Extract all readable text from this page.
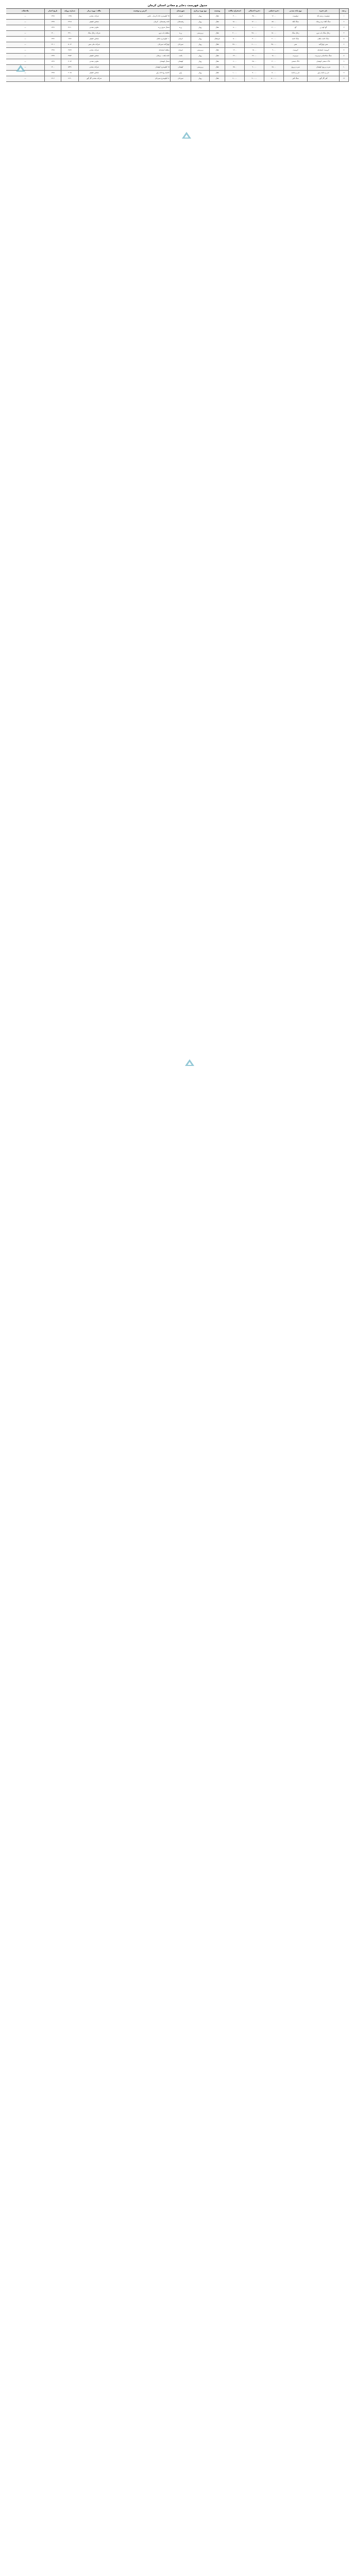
جدول فهرست ذخایر و معادن استان کرمان
ردیف	نام ذخیره	نوع ماده معدنی	ذخیره قطعی	ذخیره احتمالی	استخراج سالانه	وضعیت	نوع بهره برداری	شهرستان	آدرس و موقعیت	مالک / بهره بردار	شماره پروانه	تاریخ اعتبار	ملاحظات
۱	دولومیت رستم آباد	دولومیت	۱۲۰۰۰	۳۵۰۰۰	۳۰۰۰	فعال	روباز	کرمان	۲۵ کیلومتری جاده کرمان - باغین	شرکت معدنی	۱۲۴۵	۱۳۹۸	—
۲	سنگ آهک دره زرشک	سنگ آهک	۸۵۰۰۰	۱۲۰۰۰۰	۱۵۰۰۰	فعال	روباز	رفسنجان	جاده رفسنجان - کرمان	شخص حقیقی	۲۳۱۸	۱۳۹۷	—
۳	گچ کوه زر	گچ	۴۰۰۰۰	۶۰۰۰۰	۸۰۰۰	فعال	روباز	زرند	شمال شرق زرند	تعاونی معدنی	۳۱۲۰	۱۳۹۹	—
۴	زغال سنگ باب نیزو	زغال سنگ	۱۵۰۰۰۰	۲۵۰۰۰۰	۴۰۰۰۰	فعال	زیرزمینی	زرند	منطقه باب نیزو	شرکت زغال سنگ	۴۴۱۰	۱۴۰۰	—
۵	سنگ لاشه ماهان	سنگ لاشه	۲۰۰۰۰	۳۰۰۰۰	۵۰۰۰	غیرفعال	روباز	کرمان	۱۰ کیلومتری ماهان	شخص حقیقی	۱۸۷۶	۱۳۹۶	—
۶	مس چهارگنبد	مس	۳۵۰۰۰۰	۶۰۰۰۰۰	۲۵۰۰۰	فعال	روباز	سیرجان	چهارگنبد سیرجان	شرکت ملی مس	۵۰۱۲	۱۴۰۱	—
۷	کرومیت اسفندقه	کرومیت	۹۰۰۰	۱۵۰۰۰	۱۲۰۰	فعال	زیرزمینی	جیرفت	منطقه اسفندقه	شرکت معدنی	۲۷۸۹	۱۳۹۸	—
۸	سنگ ساختمانی مرمریت	مرمریت	۱۸۰۰۰	۲۶۰۰۰	۲۲۰۰	فعال	روباز	بافت	جاده بافت - بزنجان	شخص حقیقی	۳۶۵۴	۱۳۹۷	—
۹	خاک صنعتی کوهبنان	خاک صنعتی	۳۰۰۰۰	۴۵۰۰۰	۶۰۰۰	فعال	روباز	کوهبنان	شمال کوهبنان	تعاونی معدنی	۴۰۲۳	۱۳۹۹	—
۱۰	سرب و روی کوهبنان	سرب و روی	۶۵۰۰۰	۹۰۰۰۰	۷۵۰۰	فعال	زیرزمینی	کوهبنان	۱۵ کیلومتری کوهبنان	شرکت معدنی	۵۳۳۱	۱۴۰۰	—
۱۱	شن و ماسه راور	شن و ماسه	۵۰۰۰۰	۷۰۰۰۰	۱۰۰۰۰	فعال	روباز	راور	حاشیه رودخانه راور	شخص حقیقی	۲۰۹۸	۱۳۹۸	—
۱۲	آهن گل گهر	سنگ آهن	۵۰۰۰۰۰	۹۰۰۰۰۰	۶۰۰۰۰	فعال	روباز	سیرجان	۵۰ کیلومتری سیرجان	شرکت معدنی گل گهر	۶۱۲۰	۱۴۰۲	—
